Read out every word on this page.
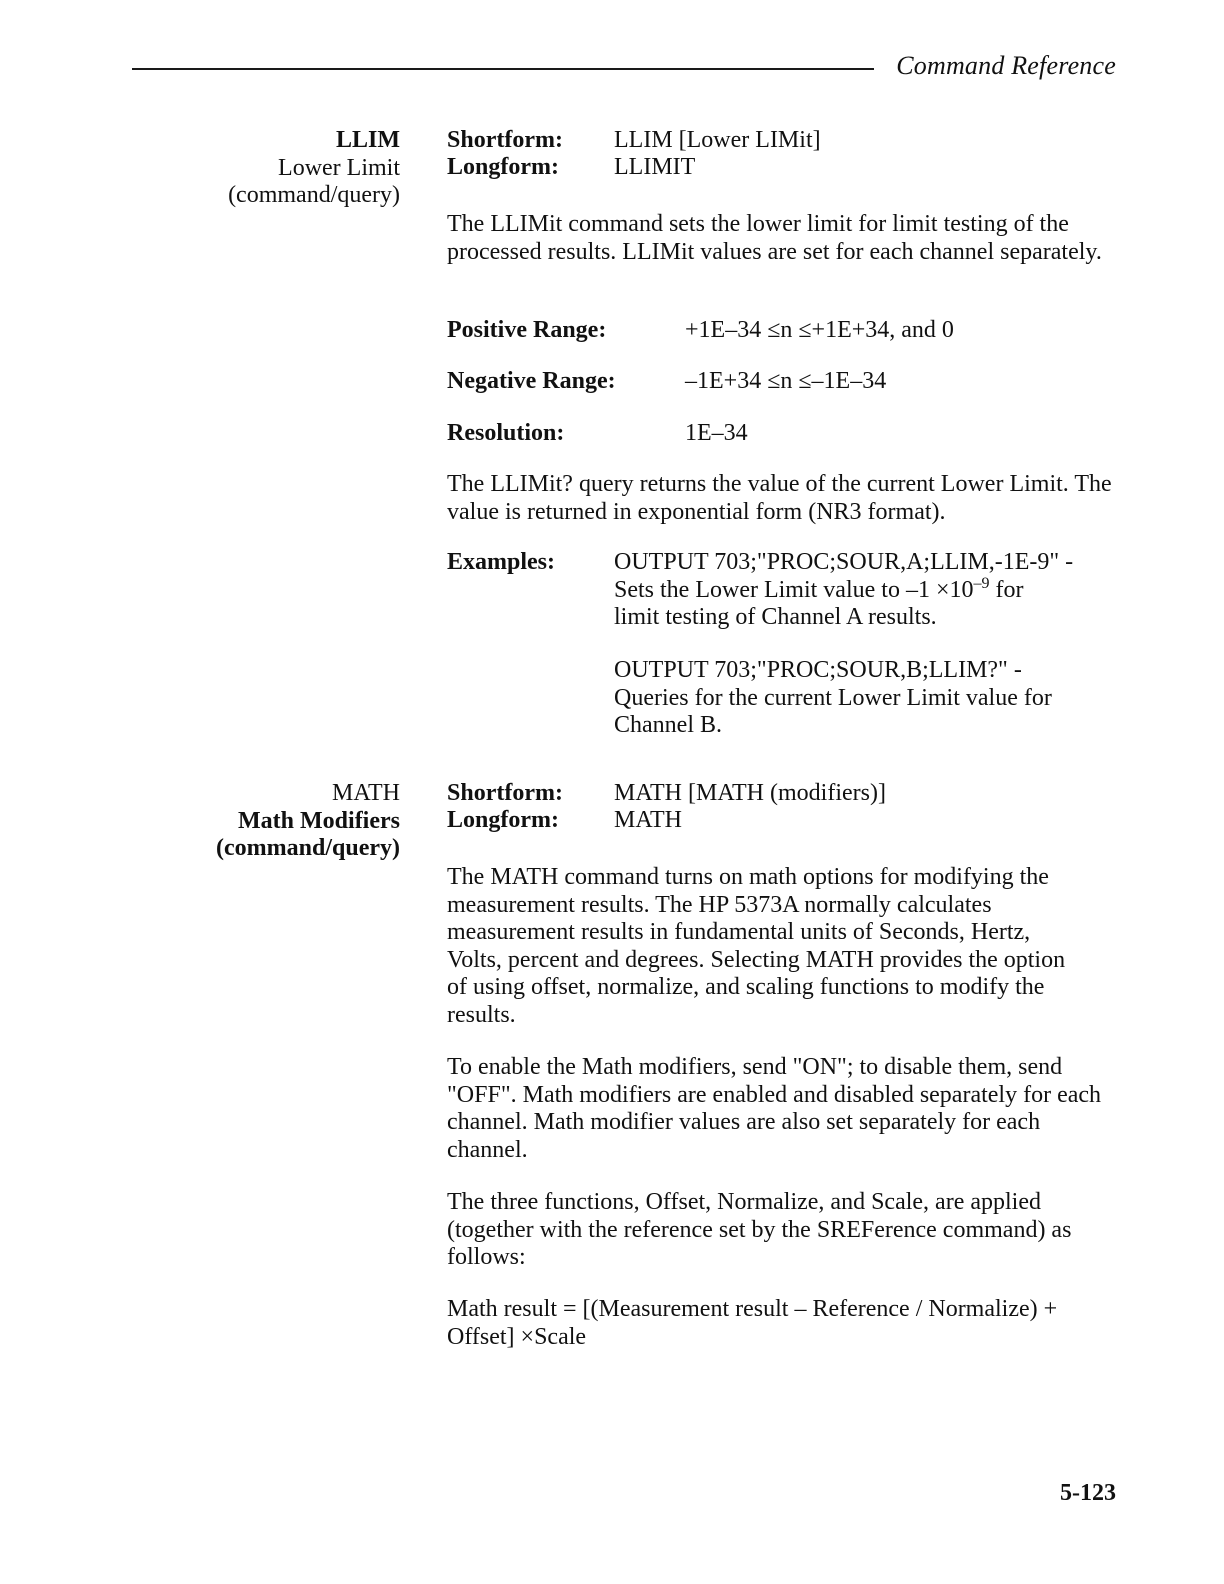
Command Reference
LLIM
Lower Limit
(command/query)
Shortform: LLIM [Lower LIMit]
Longform: LLIMIT

The LLIMit command sets the lower limit for limit testing of the processed results. LLIMit values are set for each channel separately.

Positive Range:	+1E–34 ≤n ≤+1E+34, and 0
Negative Range:	–1E+34 ≤n ≤–1E–34
Resolution:	1E–34

The LLIMit? query returns the value of the current Lower Limit. The value is returned in exponential form (NR3 format).

Examples: OUTPUT 703;"PROC;SOUR,A;LLIM,-1E-9" -
Sets the Lower Limit value to $-1 \times 10^{-9}$ for
limit testing of Channel A results.

OUTPUT 703;"PROC;SOUR,B;LLIM?" -
Queries for the current Lower Limit value for Channel B.

MATH
Math Modifiers
(command/query)
Shortform: MATH [MATH (modifiers)]
Longform: MATH

The MATH command turns on math options for modifying the measurement results. The HP 5373A normally calculates measurement results in fundamental units of Seconds, Hertz, Volts, percent and degrees. Selecting MATH provides the option of using offset, normalize, and scaling functions to modify the results.

To enable the Math modifiers, send "ON"; to disable them, send "OFF". Math modifiers are enabled and disabled separately for each channel. Math modifier values are also set separately for each channel.

The three functions, Offset, Normalize, and Scale, are applied (together with the reference set by the SREFerence command) as follows:

Math result = [(Measurement result – Reference / Normalize) + Offset] ×Scale

5-123
